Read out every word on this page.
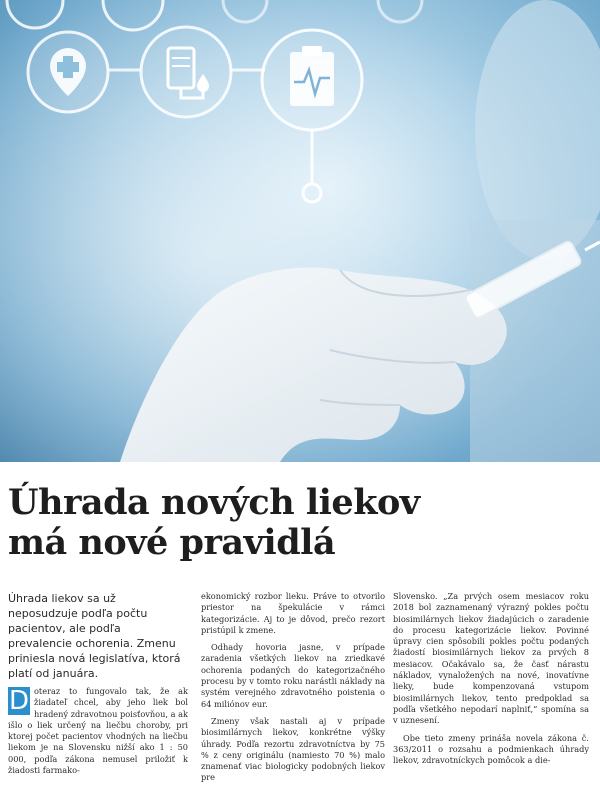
Úhrada nových liekov
má nové pravidlá

Úhrada liekov sa už neposudzuje podľa počtu pacientov, ale podľa prevalencie ochorenia. Zmenu priniesla nová legislatíva, ktorá platí od januára.

D oteraz to fungovalo tak, že ak žiadateľ chcel, aby jeho liek bol hradený zdravotnou poisťovňou, a ak išlo o liek určený na liečbu choroby, pri ktorej počet pacientov vhodných na liečbu liekom je na Slovensku nižší ako 1 : 50 000, podľa zákona nemusel priložiť k žiadosti farmako-

ekonomický rozbor lieku. Práve to otvorilo priestor na špekulácie v rámci kategorizácie. Aj to je dôvod, prečo rezort pristúpil k zmene.

Odhady hovoria jasne, v prípade zaradenia všetkých liekov na zriedkavé ochorenia podaných do kategorizačného procesu by v tomto roku narástli náklady na systém verejného zdravotného poistenia o 64 miliónov eur.

Zmeny však nastali aj v prípade biosimilárnych liekov, konkrétne výšky úhrady. Podľa rezortu zdravotníctva by 75 % z ceny originálu (namiesto 70 %) malo znamenať viac biologicky podobných liekov pre

Slovensko. „Za prvých osem mesiacov roku 2018 bol zaznamenaný výrazný pokles počtu biosimilárnych liekov žiadajúcich o zaradenie do procesu kategorizácie liekov. Povinné úpravy cien spôsobili pokles počtu podaných žiadostí biosimilárnych liekov za prvých 8 mesiacov. Očakávalo sa, že časť nárastu nákladov, vynaložených na nové, inovatívne lieky, bude kompenzovaná vstupom biosimilárnych liekov, tento predpoklad sa podľa všetkého nepodarí naplniť,“ spomína sa v uznesení.

Obe tieto zmeny prináša novela zákona č. 363/2011 o rozsahu a podmienkach úhrady liekov, zdravotníckych pomôcok a die-
